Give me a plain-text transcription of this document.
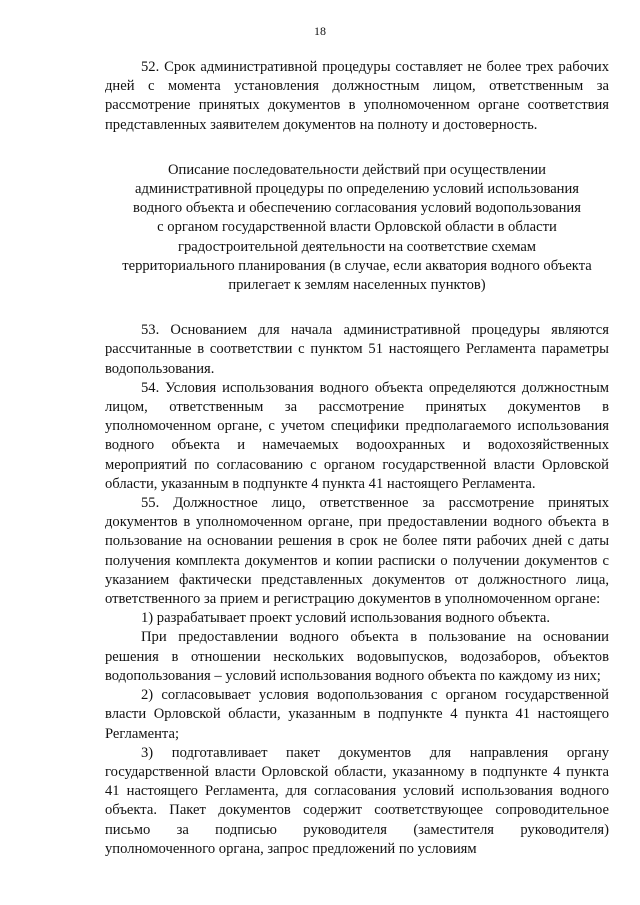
18

52. Срок административной процедуры составляет не более трех рабочих дней с момента установления должностным лицом, ответственным за рассмотрение принятых документов в уполномоченном органе соответствия представленных заявителем документов на полноту и достоверность.

Описание последовательности действий при осуществлении
административной процедуры по определению условий использования
водного объекта и обеспечению согласования условий водопользования
с органом государственной власти Орловской области в области
градостроительной деятельности на соответствие схемам
территориального планирования (в случае, если акватория водного объекта
прилегает к землям населенных пунктов)

53. Основанием для начала административной процедуры являются рассчитанные в соответствии с пунктом 51 настоящего Регламента параметры водопользования.

54. Условия использования водного объекта определяются должностным лицом, ответственным за рассмотрение принятых документов в уполномоченном органе, с учетом специфики предполагаемого использования водного объекта и намечаемых водоохранных и водохозяйственных мероприятий по согласованию с органом государственной власти Орловской области, указанным в подпункте 4 пункта 41 настоящего Регламента.

55. Должностное лицо, ответственное за рассмотрение принятых документов в уполномоченном органе, при предоставлении водного объекта в пользование на основании решения в срок не более пяти рабочих дней с даты получения комплекта документов и копии расписки о получении документов с указанием фактически представленных документов от должностного лица, ответственного за прием и регистрацию документов в уполномоченном органе:

1) разрабатывает проект условий использования водного объекта.

При предоставлении водного объекта в пользование на основании решения в отношении нескольких водовыпусков, водозаборов, объектов водопользования – условий использования водного объекта по каждому из них;

2) согласовывает условия водопользования с органом государственной власти Орловской области, указанным в подпункте 4 пункта 41 настоящего Регламента;

3) подготавливает пакет документов для направления органу государственной власти Орловской области, указанному в подпункте 4 пункта 41 настоящего Регламента, для согласования условий использования водного объекта. Пакет документов содержит соответствующее сопроводительное письмо за подписью руководителя (заместителя руководителя) уполномоченного органа, запрос предложений по условиям
